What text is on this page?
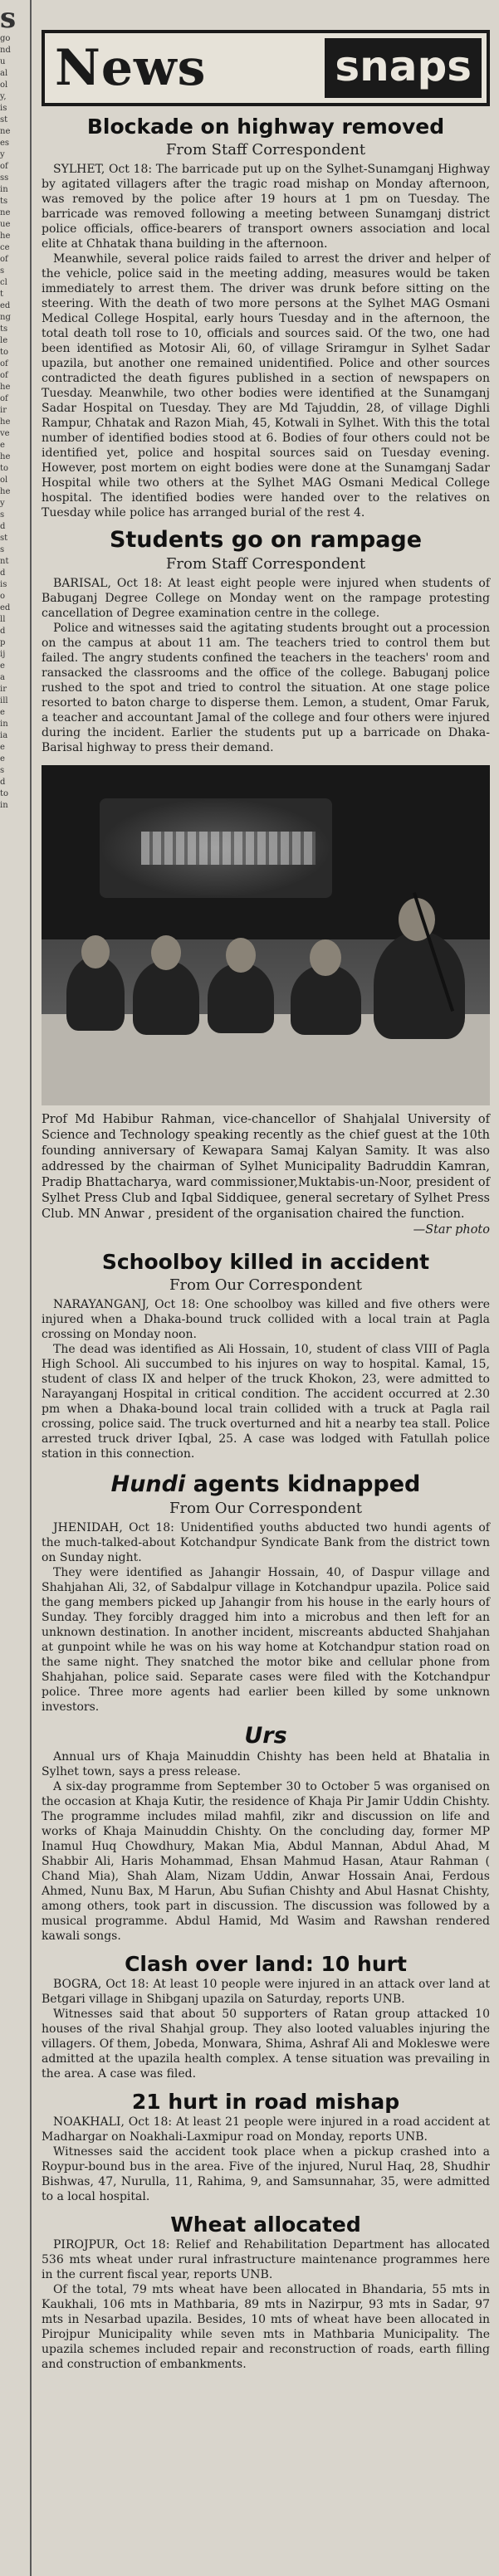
s
go
nd
u
al
ol
y,
is
st
ne
es
y
of
ss
in
ts
ne
ue
he
ce
of
s
cl
t
ed
ng
ts
le
to
of
of
he
of
ir
he
ve
e
he
to
ol
he
y
s
d
st
s
nt
d
is
o
ed
ll
d
p
ij
e
a
ir
ill
e
in
ia
e
e
s
d
to
in
News	snaps
Blockade on highway removed
From Staff Correspondent

SYLHET, Oct 18: The barricade put up on the Sylhet-Sunamganj Highway by agitated villagers after the tragic road mishap on Monday afternoon, was removed by the police after 19 hours at 1 pm on Tuesday. The barricade was removed following a meeting between Sunamganj district police officials, office-bearers of transport owners association and local elite at Chhatak thana building in the afternoon.

Meanwhile, several police raids failed to arrest the driver and helper of the vehicle, police said in the meeting adding, measures would be taken immediately to arrest them. The driver was drunk before sitting on the steering. With the death of two more persons at the Sylhet MAG Osmani Medical College Hospital, early hours Tuesday and in the afternoon, the total death toll rose to 10, officials and sources said. Of the two, one had been identified as Motosir Ali, 60, of village Sriramgur in Sylhet Sadar upazila, but another one remained unidentified. Police and other sources contradicted the death figures published in a section of newspapers on Tuesday. Meanwhile, two other bodies were identified at the Sunamganj Sadar Hospital on Tuesday. They are Md Tajuddin, 28, of village Dighli Rampur, Chhatak and Razon Miah, 45, Kotwali in Sylhet. With this the total number of identified bodies stood at 6. Bodies of four others could not be identified yet, police and hospital sources said on Tuesday evening. However, post mortem on eight bodies were done at the Sunamganj Sadar Hospital while two others at the Sylhet MAG Osmani Medical College hospital. The identified bodies were handed over to the relatives on Tuesday while police has arranged burial of the rest 4.

Students go on rampage
From Staff Correspondent

BARISAL, Oct 18: At least eight people were injured when students of Babuganj Degree College on Monday went on the rampage protesting cancellation of Degree examination centre in the college.

Police and witnesses said the agitating students brought out a procession on the campus at about 11 am. The teachers tried to control them but failed. The angry students confined the teachers in the teachers' room and ransacked the classrooms and the office of the college. Babuganj police rushed to the spot and tried to control the situation. At one stage police resorted to baton charge to disperse them. Lemon, a student, Omar Faruk, a teacher and accountant Jamal of the college and four others were injured during the incident. Earlier the students put up a barricade on Dhaka-Barisal highway to press their demand.

Prof Md Habibur Rahman, vice-chancellor of Shahjalal University of Science and Technology speaking recently as the chief guest at the 10th founding anniversary of Kewapara Samaj Kalyan Samity. It was also addressed by the chairman of Sylhet Municipality Badruddin Kamran, Pradip Bhattacharya, ward commissioner,Muktabis-un-Noor, president of Sylhet Press Club and Iqbal Siddiquee, general secretary of Sylhet Press Club. MN Anwar , president of the organisation chaired the function.
—Star photo
Schoolboy killed in accident
From Our Correspondent

NARAYANGANJ, Oct 18: One schoolboy was killed and five others were injured when a Dhaka-bound truck collided with a local train at Pagla crossing on Monday noon.

The dead was identified as Ali Hossain, 10, student of class VIII of Pagla High School. Ali succumbed to his injures on way to hospital. Kamal, 15, student of class IX and helper of the truck Khokon, 23, were admitted to Narayanganj Hospital in critical condition. The accident occurred at 2.30 pm when a Dhaka-bound local train collided with a truck at Pagla rail crossing, police said. The truck overturned and hit a nearby tea stall. Police arrested truck driver Iqbal, 25. A case was lodged with Fatullah police station in this connection.

Hundi agents kidnapped
From Our Correspondent

JHENIDAH, Oct 18: Unidentified youths abducted two hundi agents of the much-talked-about Kotchandpur Syndicate Bank from the district town on Sunday night.

They were identified as Jahangir Hossain, 40, of Daspur village and Shahjahan Ali, 32, of Sabdalpur village in Kotchandpur upazila. Police said the gang members picked up Jahangir from his house in the early hours of Sunday. They forcibly dragged him into a microbus and then left for an unknown destination. In another incident, miscreants abducted Shahjahan at gunpoint while he was on his way home at Kotchandpur station road on the same night. They snatched the motor bike and cellular phone from Shahjahan, police said. Separate cases were filed with the Kotchandpur police. Three more agents had earlier been killed by some unknown investors.

Urs

Annual urs of Khaja Mainuddin Chishty has been held at Bhatalia in Sylhet town, says a press release.

A six-day programme from September 30 to October 5 was organised on the occasion at Khaja Kutir, the residence of Khaja Pir Jamir Uddin Chishty. The programme includes milad mahfil, zikr and discussion on life and works of Khaja Mainuddin Chishty. On the concluding day, former MP Inamul Huq Chowdhury, Makan Mia, Abdul Mannan, Abdul Ahad, M Shabbir Ali, Haris Mohammad, Ehsan Mahmud Hasan, Ataur Rahman ( Chand Mia), Shah Alam, Nizam Uddin, Anwar Hossain Anai, Ferdous Ahmed, Nunu Bax, M Harun, Abu Sufian Chishty and Abul Hasnat Chishty, among others, took part in discussion. The discussion was followed by a musical programme. Abdul Hamid, Md Wasim and Rawshan rendered kawali songs.

Clash over land: 10 hurt

BOGRA, Oct 18: At least 10 people were injured in an attack over land at Betgari village in Shibganj upazila on Saturday, reports UNB.

Witnesses said that about 50 supporters of Ratan group attacked 10 houses of the rival Shahjal group. They also looted valuables injuring the villagers. Of them, Jobeda, Monwara, Shima, Ashraf Ali and Mokleswe were admitted at the upazila health complex. A tense situation was prevailing in the area. A case was filed.

21 hurt in road mishap

NOAKHALI, Oct 18: At least 21 people were injured in a road accident at Madhargar on Noakhali-Laxmipur road on Monday, reports UNB.

Witnesses said the accident took place when a pickup crashed into a Roypur-bound bus in the area. Five of the injured, Nurul Haq, 28, Shudhir Bishwas, 47, Nurulla, 11, Rahima, 9, and Samsunnahar, 35, were admitted to a local hospital.

Wheat allocated

PIROJPUR, Oct 18: Relief and Rehabilitation Department has allocated 536 mts wheat under rural infrastructure maintenance programmes here in the current fiscal year, reports UNB.

Of the total, 79 mts wheat have been allocated in Bhandaria, 55 mts in Kaukhali, 106 mts in Mathbaria, 89 mts in Nazirpur, 93 mts in Sadar, 97 mts in Nesarbad upazila. Besides, 10 mts of wheat have been allocated in Pirojpur Municipality while seven mts in Mathbaria Municipality. The upazila schemes included repair and reconstruction of roads, earth filling and construction of embankments.
